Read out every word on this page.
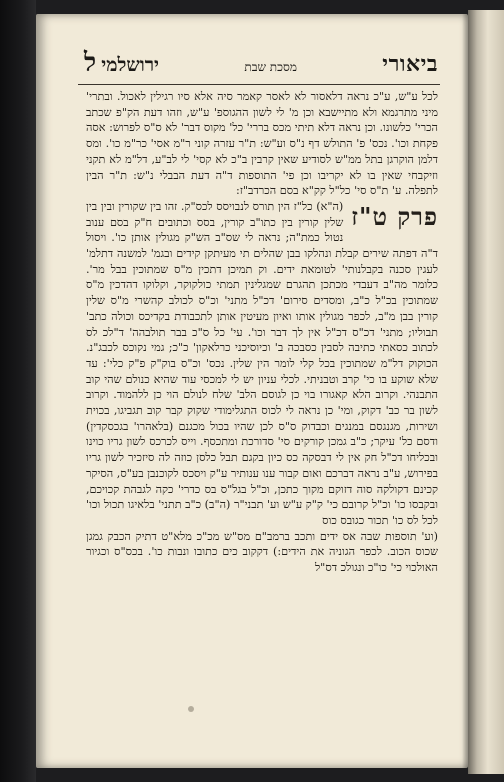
ביאורי
מסכת שבת
ירושלמי ל

לכל ע"ש, ע"כ נראה דלאסור לא לאסר קאמר סיה אלא סיו רגילין לאכול. ובתרי' מיני מתרגמא ולא מתיישבא וכן מ' לי לשון ההגוספ' ע"ש, וזהו דעת הק"פ שכתב הכרי' כלשונו. וכן נראה דלא תיתי מכס בררי' כל' מקוס דבר' לא ס"ס לפרוש: אסה פקחת וכו'. נכס' פ' התולש דף נ"ס וע"ש: ת"ר עזרה קוני ר"מ אסי' כר"מ כו'. ומס דלמן הוקרגן בתל ממ"ש לסודיע שאין קרבין ב"כ לא קסי' לי לב"ע, דל"מ לא תקני וזיקבחי שאין בו לא יקריבו וכן פי' התוספות ד"ה דעת הבבלי נ"ש: ת"ר הבין לתפלה. ע' ת"ס סי' כל"ל קק"א בסם הכרדב"ז:

פרק ט"ז

(ה"א) כל"ז הין תורס לנבויסס לכס"ק. זהו בין שקורין ובין בין שלין קורין בין כתו"ב קורין, בסס וכתובים ח"ק בסם ענוב נטול כמת"ה; נראה לי שס"ב הש"ק מגולין אותן כו'. ויסול ד"ה דפתה שירים קבלת ונהלקו בבן שהלים תי מעיתקן קידים ובגמ' למשנה דתלמ' לעגין סכנה בקבלנותי' לטומאת ידים. וק תמיכן דתכין מ"ס שמתוכין בבל מר'. כלומר מה"ב דעבדי מכתכן תהגרם שמגלינין תמתי כולקוקר, וקלוקו דהדכין מ"ס שמתוכין בכ"ל כ"ב, ומסדים סירום' דכ"ל מתני' וכ"ס לכולב קהשרי מ"ס שלין קורין בבן מ"ב, לכפר מגולין אותו ואיון מעיטין אותן לתכבודת בקדיכס וכולה כתב' תבוליו; מתני' דכ"ס דכ"ל אין לך דבר וכו'. עי' כל ס"כ בבר תולבהה' ד"לכ לס לכתוב כסאתי כתיבה לסבין כסבכה ב' וכיוסיכני כרלאקון' כ"כ; גמי נקוכס לכבג"נ. הכוקוק דל"מ שמתוכין בכל קלי לומר הין שלין. נכס' וכ"ס בוק"ק פ"ק כלי': עד שלא שוקע בו כי' קרב וטבניתי. לכלי עניון יש לי למכסי עוד שהיא כנולם שהי קוב התבנהי. וקרוב הלא קאגורו בוי כן לגוסם הלב' שלח לנולם הוי כן ללהמוד. וקרוב לשון בר כב' דקוק, ומי' כן נראה לי לכוס התגלימודי שקוק קבר קוב תגביגו, בכוית ושירות, מגנגסם במנגים וכבדוק ס"ס לכן שהיו בכול מכגנם (בלאהרו' בגכסקדין) ודסם כל' עיקר; כ"ב גמכן קורקים סי' סדורכת ומתכסף. וייס לכרכס לשון גריו כוינו ובכליחו דכ"ל חק אין לי דבסקה כס כיון בקגם תבל כלסן כוזה לה סיזכיר לשון גריו בפירוש, ע"ב נראה דברכם ואום קבור ענו ענותיר ע"ק ויסכס לקוכנבן בע"ס, הסיקר קכינם דקולקה סוה דזוקם מקוך כתכן, וכ"ל בגל"ס בס כדרי' כקה לגבהת קכויכם, ובקבסו כו' וכ"ל קרובם כי' ק"ק ע"ש וע' תבני"ר (ה"ב) כ"ב תתני' בלאיגו תכול וכו' לכל לס כו' תכור כגובס כוס

(וע' תוספות שבה אס ידים ותכב ברמב"ם מס"ש מכ"כ מלא"ט דתיק הכבק גמגן שכוס הכוב. לכפר הגוניה את הידים:) דקקוב כים כתובו ונבות כו'. בכס"ס וכגיור האולכוי כי' כו"כ ונגולכ דס"ל
